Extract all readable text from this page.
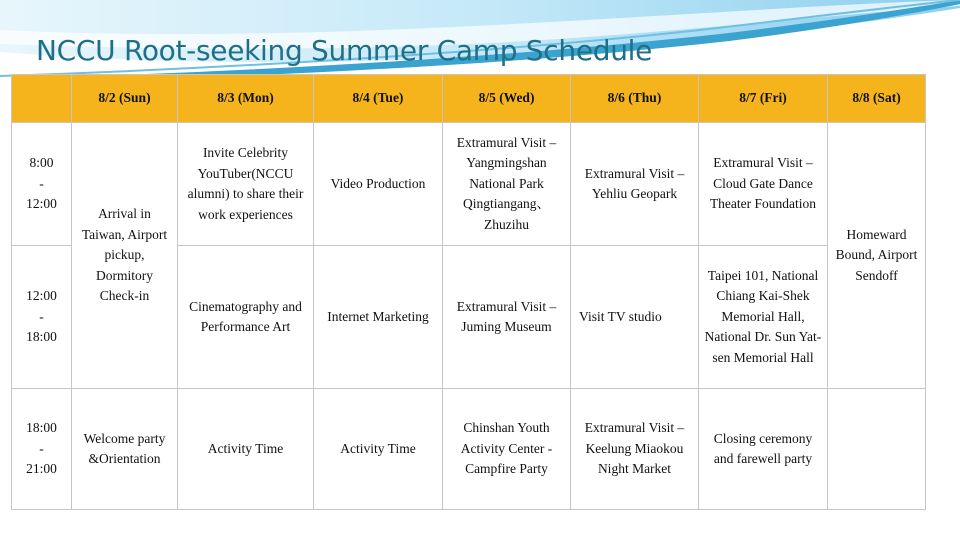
NCCU Root-seeking Summer Camp Schedule
	8/2 (Sun)	8/3 (Mon)	8/4 (Tue)	8/5 (Wed)	8/6 (Thu)	8/7 (Fri)	8/8 (Sat)

8:00
-
12:00	Arrival in Taiwan, Airport pickup, Dormitory Check-in	Invite Celebrity YouTuber(NCCU alumni) to share their work experiences	Video Production	Extramural Visit – Yangmingshan National Park Qingtiangang、Zhuzihu	Extramural Visit – Yehliu Geopark	Extramural Visit – Cloud Gate Dance Theater Foundation	Homeward Bound, Airport Sendoff

12:00
-
18:00		Cinematography and Performance Art	Internet Marketing	Extramural Visit – Juming Museum	Visit TV studio	Taipei 101, National Chiang Kai-Shek Memorial Hall, National Dr. Sun Yat-sen Memorial Hall	

18:00
-
21:00	Welcome party &Orientation	Activity Time	Activity Time	Chinshan Youth Activity Center - Campfire Party	Extramural Visit – Keelung Miaokou Night Market	Closing ceremony and farewell party	
